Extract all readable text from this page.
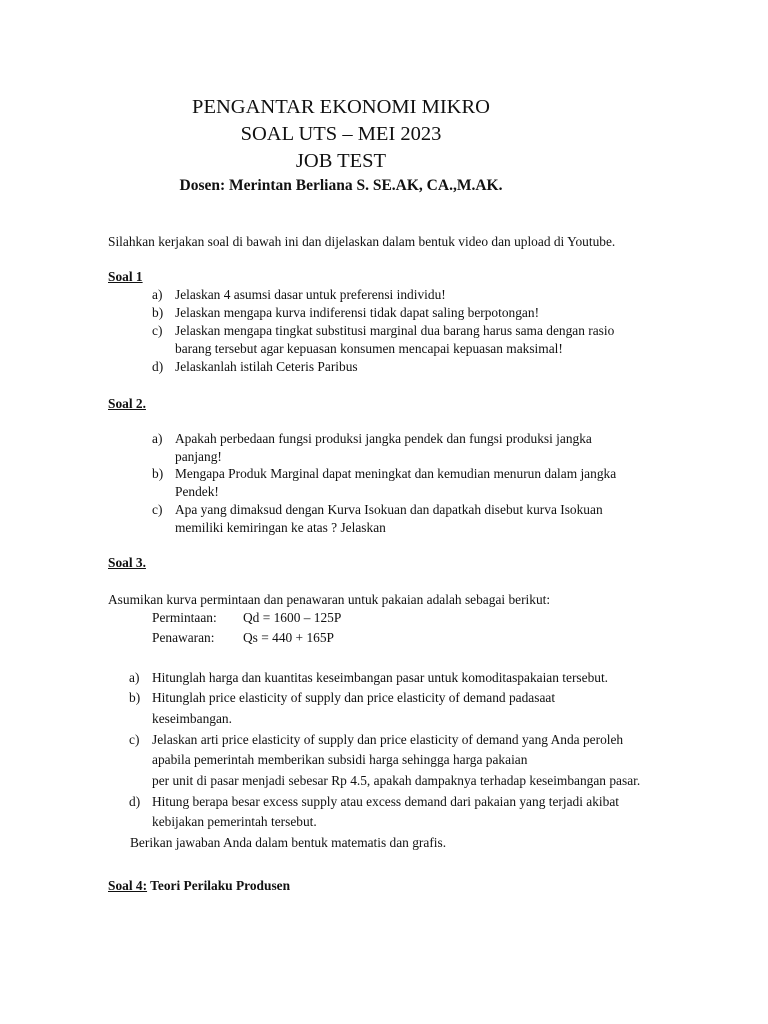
PENGANTAR EKONOMI MIKRO
SOAL UTS – MEI 2023
JOB TEST
Dosen: Merintan Berliana S. SE.AK, CA.,M.AK.
Silahkan kerjakan soal di bawah ini dan dijelaskan dalam bentuk video dan upload di Youtube.
Soal 1
a) Jelaskan 4 asumsi dasar untuk preferensi individu!
b) Jelaskan mengapa kurva indiferensi tidak dapat saling berpotongan!
c) Jelaskan mengapa tingkat substitusi marginal dua barang harus sama dengan rasio
barang tersebut agar kepuasan konsumen mencapai kepuasan maksimal!
d) Jelaskanlah istilah Ceteris Paribus
Soal 2.
a) Apakah perbedaan fungsi produksi jangka pendek dan fungsi produksi jangka
panjang!
b) Mengapa Produk Marginal dapat meningkat dan kemudian menurun dalam jangka
Pendek!
c) Apa yang dimaksud dengan Kurva Isokuan dan dapatkah disebut kurva Isokuan
memiliki kemiringan ke atas ? Jelaskan
Soal 3.
Asumikan kurva permintaan dan penawaran untuk pakaian adalah sebagai berikut:
Permintaan: Qd = 1600 – 125P
Penawaran: Qs = 440 + 165P
a) Hitunglah harga dan kuantitas keseimbangan pasar untuk komoditaspakaian tersebut.
b) Hitunglah price elasticity of supply dan price elasticity of demand padasaat
keseimbangan.
c) Jelaskan arti price elasticity of supply dan price elasticity of demand yang Anda peroleh
apabila pemerintah memberikan subsidi harga sehingga harga pakaian
per unit di pasar menjadi sebesar Rp 4.5, apakah dampaknya terhadap keseimbangan pasar.
d) Hitung berapa besar excess supply atau excess demand dari pakaian yang terjadi akibat
kebijakan pemerintah tersebut.
Berikan jawaban Anda dalam bentuk matematis dan grafis.
Soal 4: Teori Perilaku Produsen
